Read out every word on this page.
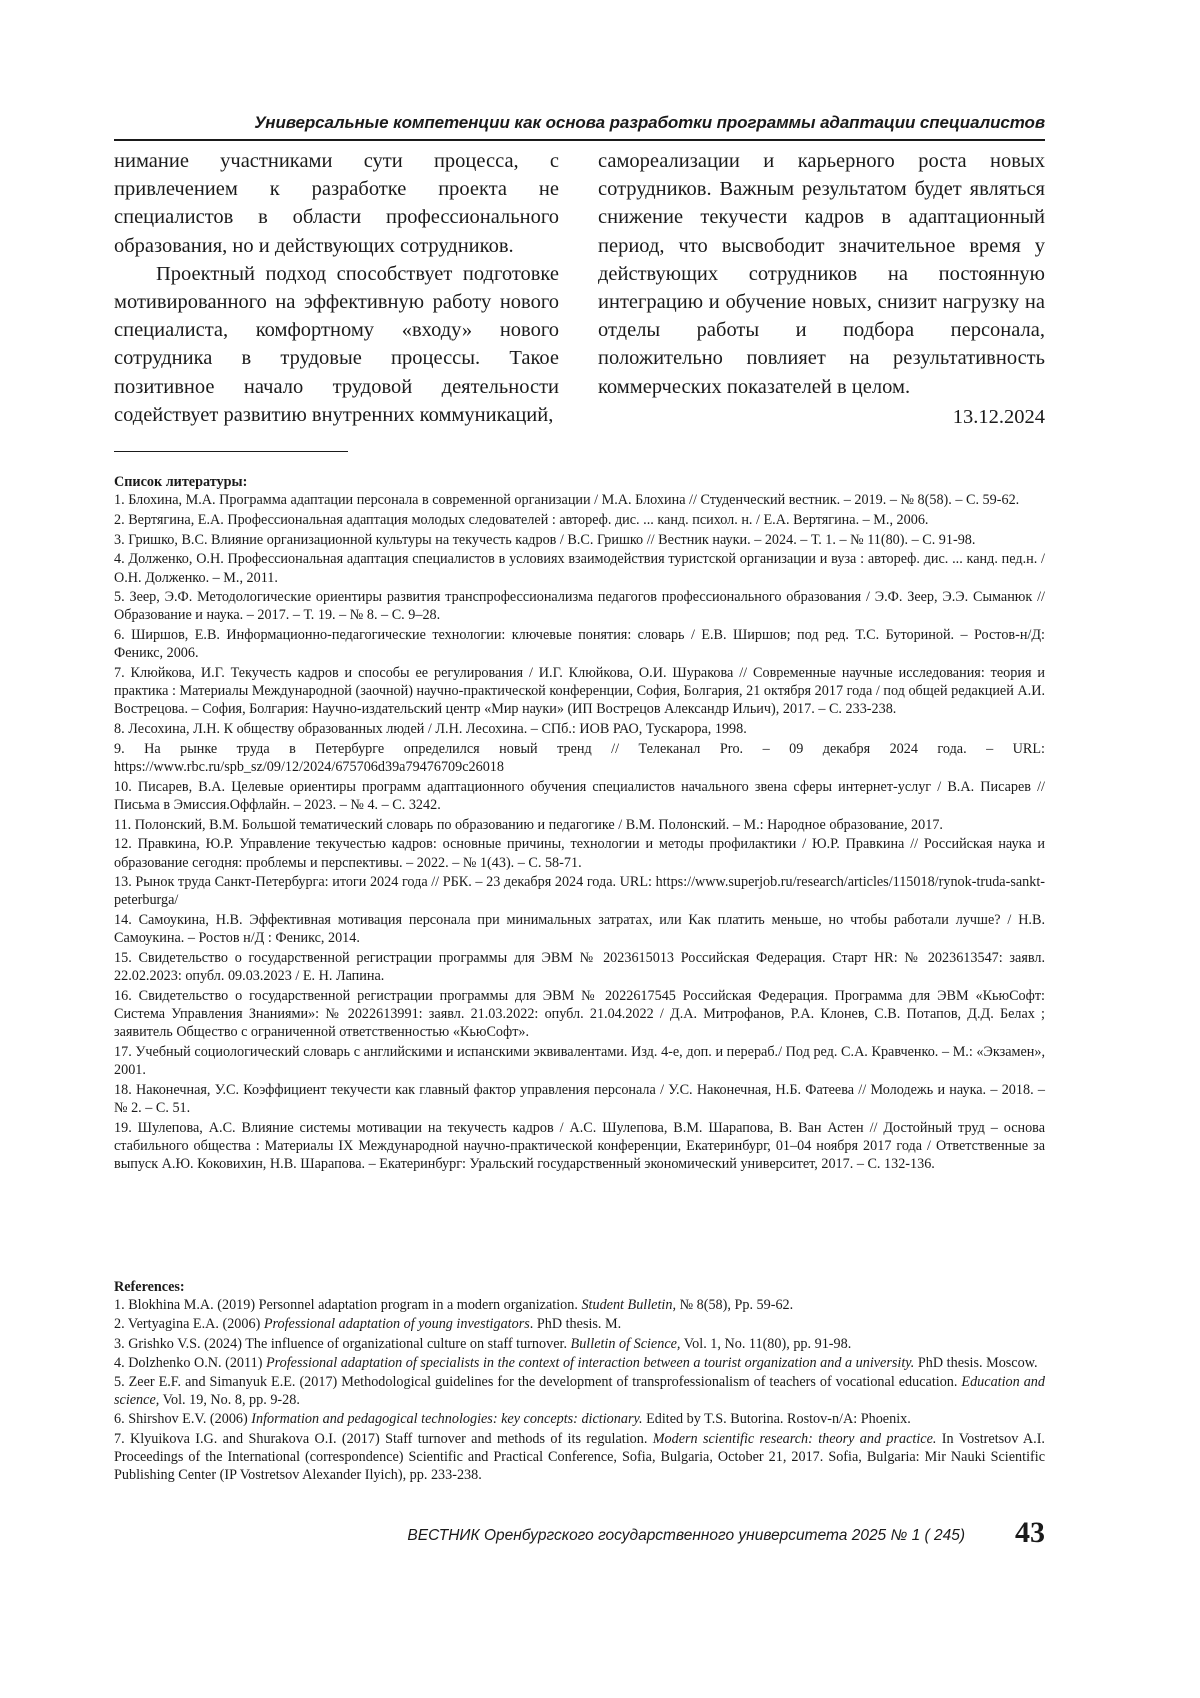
Универсальные компетенции как основа разработки программы адаптации специалистов

нимание участниками сути процесса, с привлечением к разработке проекта не специалистов в области профессионального образования, но и действующих сотрудников.

Проектный подход способствует подготовке мотивированного на эффективную работу нового специалиста, комфортному «входу» нового сотрудника в трудовые процессы. Такое позитивное начало трудовой деятельности содействует развитию внутренних коммуникаций,

самореализации и карьерного роста новых сотрудников. Важным результатом будет являться снижение текучести кадров в адаптационный период, что высвободит значительное время у действующих сотрудников на постоянную интеграцию и обучение новых, снизит нагрузку на отделы работы и подбора персонала, положительно повлияет на результативность коммерческих показателей в целом.

13.12.2024

Список литературы:

1. Блохина, М.А. Программа адаптации персонала в современной организации / М.А. Блохина // Студенческий вестник. – 2019. – № 8(58). – С. 59-62.
2. Вертягина, Е.А. Профессиональная адаптация молодых следователей : автореф. дис. ... канд. психол. н. / Е.А. Вертягина. – М., 2006.
3. Гришко, В.С. Влияние организационной культуры на текучесть кадров / В.С. Гришко // Вестник науки. – 2024. – Т. 1. – № 11(80). – С. 91-98.
4. Долженко, О.Н. Профессиональная адаптация специалистов в условиях взаимодействия туристской организации и вуза : автореф. дис. ... канд. пед.н. / О.Н. Долженко. – М., 2011.
5. Зеер, Э.Ф. Методологические ориентиры развития транспрофессионализма педагогов профессионального образования / Э.Ф. Зеер, Э.Э. Сыманюк // Образование и наука. – 2017. – Т. 19. – № 8. – С. 9–28.
6. Ширшов, Е.В. Информационно-педагогические технологии: ключевые понятия: словарь / Е.В. Ширшов; под ред. Т.С. Буториной. – Ростов-н/Д: Феникс, 2006.
7. Клюйкова, И.Г. Текучесть кадров и способы ее регулирования / И.Г. Клюйкова, О.И. Шуракова // Современные научные исследования: теория и практика : Материалы Международной (заочной) научно-практической конференции, София, Болгария, 21 октября 2017 года / под общей редакцией А.И. Вострецова. – София, Болгария: Научно-издательский центр «Мир науки» (ИП Вострецов Александр Ильич), 2017. – С. 233-238.
8. Лесохина, Л.Н. К обществу образованных людей / Л.Н. Лесохина. – СПб.: ИОВ РАО, Тускарора, 1998.
9. На рынке труда в Петербурге определился новый тренд // Телеканал Pro. – 09 декабря 2024 года. – URL: https://www.rbc.ru/spb_sz/09/12/2024/675706d39a79476709c26018
10. Писарев, В.А. Целевые ориентиры программ адаптационного обучения специалистов начального звена сферы интернет-услуг / В.А. Писарев // Письма в Эмиссия.Оффлайн. – 2023. – № 4. – С. 3242.
11. Полонский, В.М. Большой тематический словарь по образованию и педагогике / В.М. Полонский. – М.: Народное образование, 2017.
12. Правкина, Ю.Р. Управление текучестью кадров: основные причины, технологии и методы профилактики / Ю.Р. Правкина // Российская наука и образование сегодня: проблемы и перспективы. – 2022. – № 1(43). – С. 58-71.
13. Рынок труда Санкт-Петербурга: итоги 2024 года // РБК. – 23 декабря 2024 года. URL: https://www.superjob.ru/research/articles/115018/rynok-truda-sankt-peterburga/
14. Самоукина, Н.В. Эффективная мотивация персонала при минимальных затратах, или Как платить меньше, но чтобы работали лучше? / Н.В. Самоукина. – Ростов н/Д : Феникс, 2014.
15. Свидетельство о государственной регистрации программы для ЭВМ № 2023615013 Российская Федерация. Старт HR: № 2023613547: заявл. 22.02.2023: опубл. 09.03.2023 / Е. Н. Лапина.
16. Свидетельство о государственной регистрации программы для ЭВМ № 2022617545 Российская Федерация. Программа для ЭВМ «КьюСофт: Система Управления Знаниями»: № 2022613991: заявл. 21.03.2022: опубл. 21.04.2022 / Д.А. Митрофанов, Р.А. Клонев, С.В. Потапов, Д.Д. Белах ; заявитель Общество с ограниченной ответственностью «КьюСофт».
17. Учебный социологический словарь с английскими и испанскими эквивалентами. Изд. 4-е, доп. и перераб./ Под ред. С.А. Кравченко. – М.: «Экзамен», 2001.
18. Наконечная, У.С. Коэффициент текучести как главный фактор управления персонала / У.С. Наконечная, Н.Б. Фатеева // Молодежь и наука. – 2018. – № 2. – С. 51.
19. Шулепова, А.С. Влияние системы мотивации на текучесть кадров / А.С. Шулепова, В.М. Шарапова, В. Ван Астен // Достойный труд – основа стабильного общества : Материалы IX Международной научно-практической конференции, Екатеринбург, 01–04 ноября 2017 года / Ответственные за выпуск А.Ю. Коковихин, Н.В. Шарапова. – Екатеринбург: Уральский государственный экономический университет, 2017. – С. 132-136.

References:

1. Blokhina M.A. (2019) Personnel adaptation program in a modern organization. Student Bulletin, № 8(58), Pp. 59-62.
2. Vertyagina E.A. (2006) Professional adaptation of young investigators. PhD thesis. M.
3. Grishko V.S. (2024) The influence of organizational culture on staff turnover. Bulletin of Science, Vol. 1, No. 11(80), pp. 91-98.
4. Dolzhenko O.N. (2011) Professional adaptation of specialists in the context of interaction between a tourist organization and a university. PhD thesis. Moscow.
5. Zeer E.F. and Simanyuk E.E. (2017) Methodological guidelines for the development of transprofessionalism of teachers of vocational education. Education and science, Vol. 19, No. 8, pp. 9-28.
6. Shirshov E.V. (2006) Information and pedagogical technologies: key concepts: dictionary. Edited by T.S. Butorina. Rostov-n/A: Phoenix.
7. Klyuikova I.G. and Shurakova O.I. (2017) Staff turnover and methods of its regulation. Modern scientific research: theory and practice. In Vostretsov A.I. Proceedings of the International (correspondence) Scientific and Practical Conference, Sofia, Bulgaria, October 21, 2017. Sofia, Bulgaria: Mir Nauki Scientific Publishing Center (IP Vostretsov Alexander Ilyich), pp. 233-238.
ВЕСТНИК Оренбургского государственного университета 2025 № 1 ( 245) 43
